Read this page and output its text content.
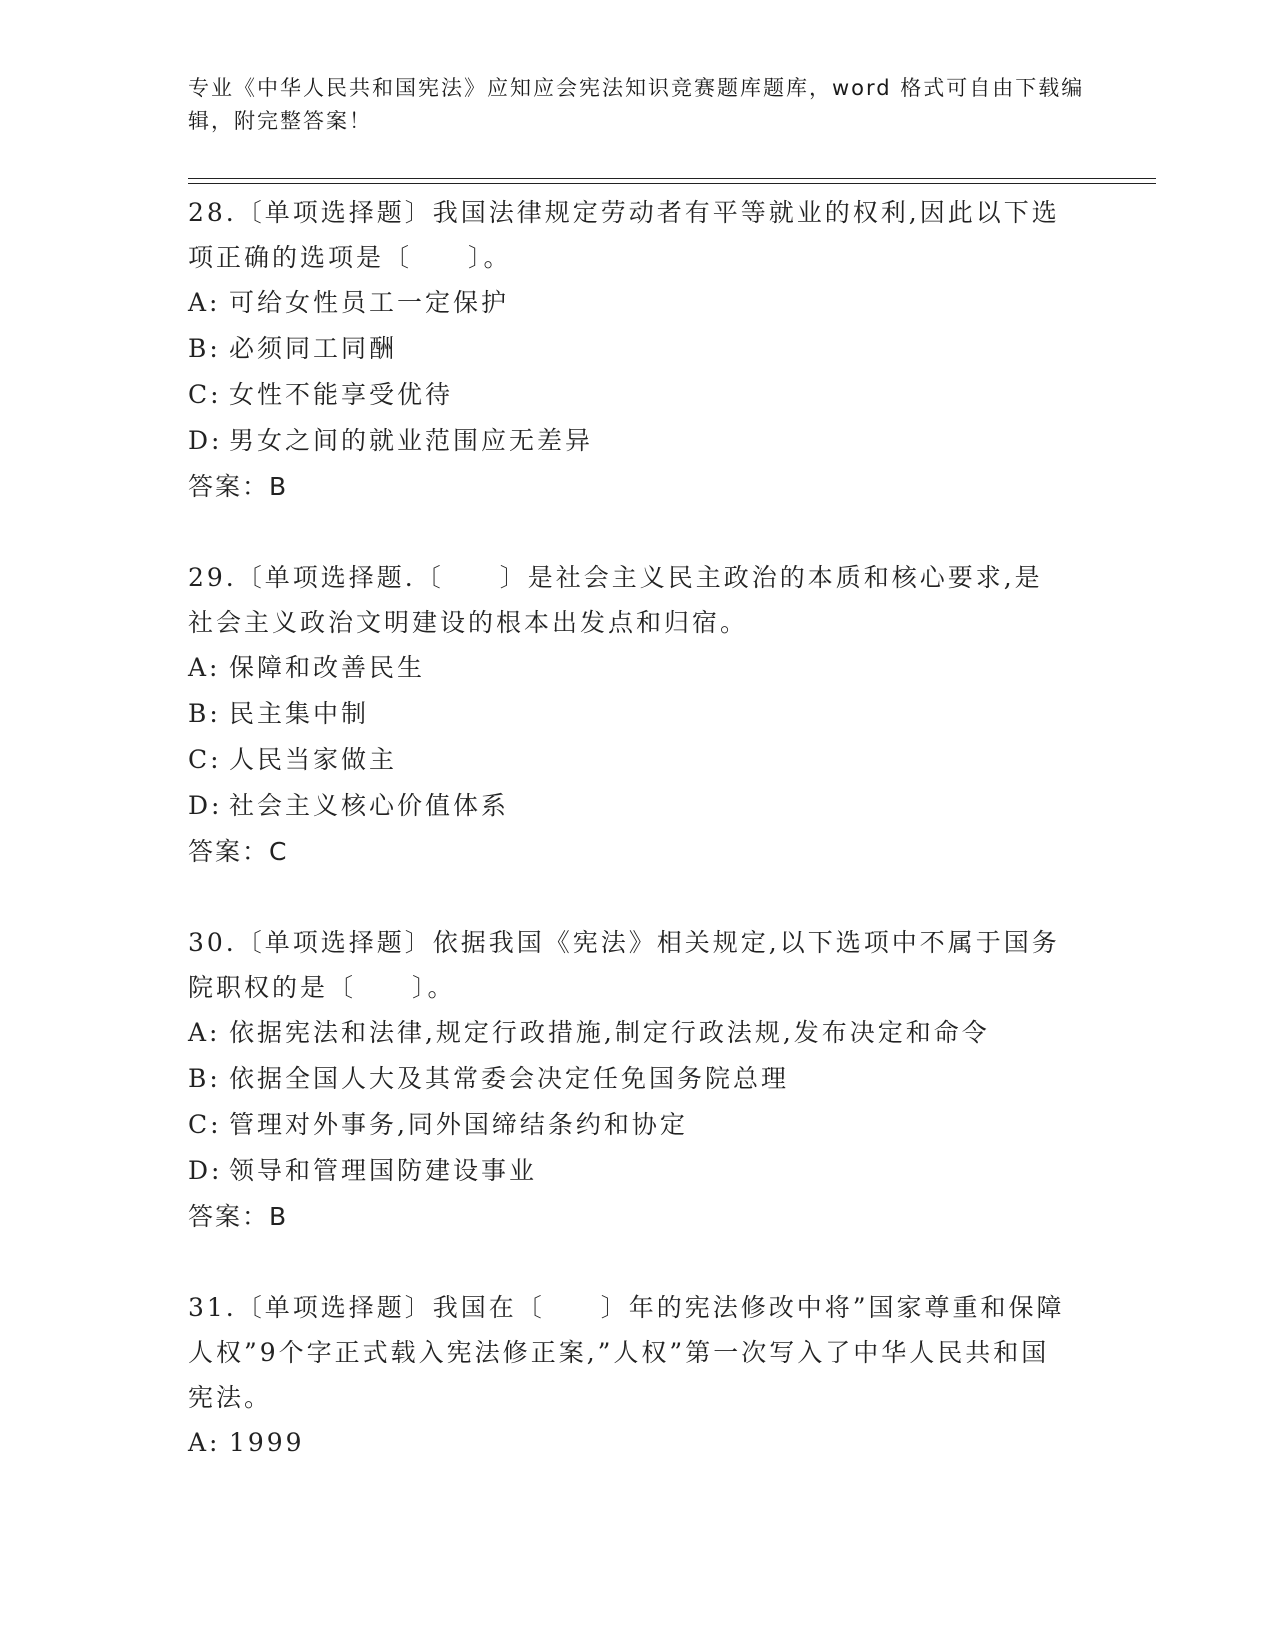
专业《中华人民共和国宪法》应知应会宪法知识竞赛题库题库，word 格式可自由下载编辑，附完整答案！

28.〔单项选择题〕我国法律规定劳动者有平等就业的权利,因此以下选项正确的选项是〔　　〕。

A: 可给女性员工一定保护

B: 必须同工同酬

C: 女性不能享受优待

D: 男女之间的就业范围应无差异

答案：B

29.〔单项选择题.〔　　〕是社会主义民主政治的本质和核心要求,是社会主义政治文明建设的根本出发点和归宿。

A: 保障和改善民生

B: 民主集中制

C: 人民当家做主

D: 社会主义核心价值体系

答案：C

30.〔单项选择题〕依据我国《宪法》相关规定,以下选项中不属于国务院职权的是〔　　〕。

A: 依据宪法和法律,规定行政措施,制定行政法规,发布决定和命令

B: 依据全国人大及其常委会决定任免国务院总理

C: 管理对外事务,同外国缔结条约和协定

D: 领导和管理国防建设事业

答案：B

31.〔单项选择题〕我国在〔　　〕年的宪法修改中将”国家尊重和保障人权”9个字正式载入宪法修正案,”人权”第一次写入了中华人民共和国宪法。

A: 1999
